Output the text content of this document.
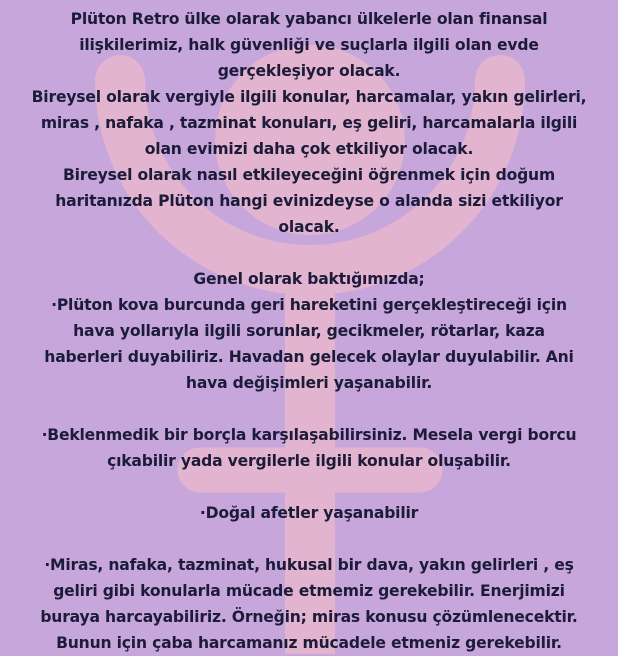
Plüton Retro ülke olarak yabancı ülkelerle olan finansal
ilişkilerimiz, halk güvenliği ve suçlarla ilgili olan evde
gerçekleşiyor olacak.
Bireysel olarak vergiyle ilgili konular, harcamalar, yakın gelirleri,
miras , nafaka , tazminat konuları, eş geliri, harcamalarla ilgili
olan evimizi daha çok etkiliyor olacak.
Bireysel olarak nasıl etkileyeceğini öğrenmek için doğum
haritanızda Plüton hangi evinizdeyse o alanda sizi etkiliyor
olacak.
Genel olarak baktığımızda;
·Plüton kova burcunda geri hareketini gerçekleştireceği için
hava yollarıyla ilgili sorunlar, gecikmeler, rötarlar, kaza
haberleri duyabiliriz. Havadan gelecek olaylar duyulabilir. Ani
hava değişimleri yaşanabilir.
·Beklenmedik bir borçla karşılaşabilirsiniz. Mesela vergi borcu
çıkabilir yada vergilerle ilgili konular oluşabilir.
·Doğal afetler yaşanabilir
·Miras, nafaka, tazminat, hukusal bir dava, yakın gelirleri , eş
geliri gibi konularla mücade etmemiz gerekebilir. Enerjimizi
buraya harcayabiliriz. Örneğin; miras konusu çözümlenecektir.
Bunun için çaba harcamanız mücadele etmeniz gerekebilir.
